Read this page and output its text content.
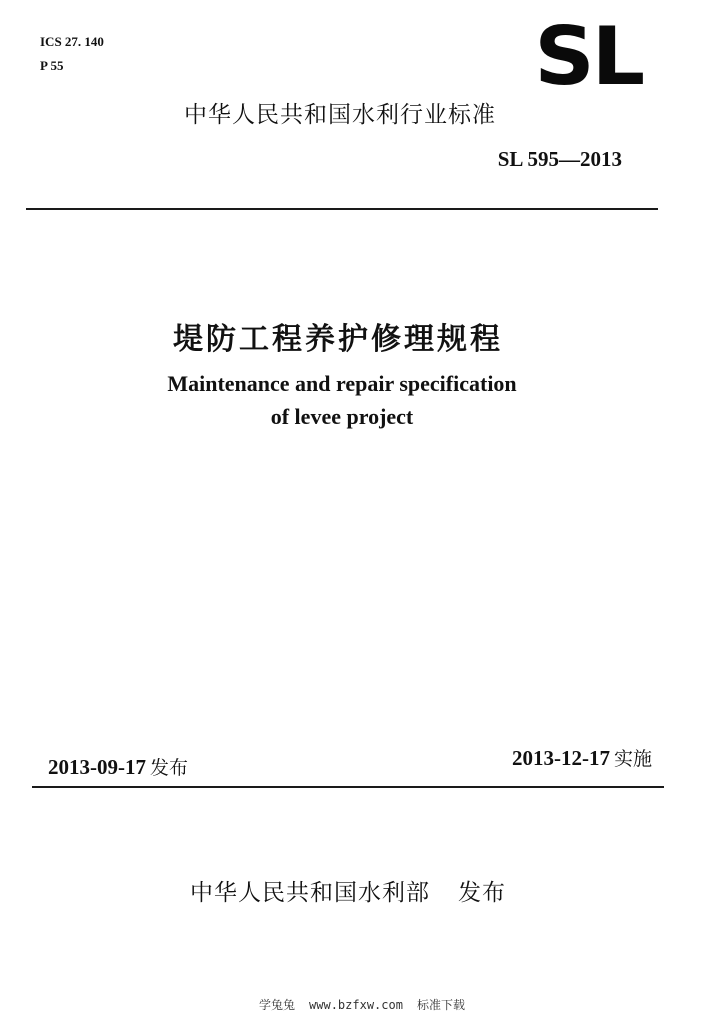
ICS 27. 140
P 55	SL
中华人民共和国水利行业标准
SL 595—2013
堤防工程养护修理规程
Maintenance and repair specification
of levee project
2013-09-17 发布	2013-12-17 实施
中华人民共和国水利部 发布
学兔兔 www.bzfxw.com 标准下载
